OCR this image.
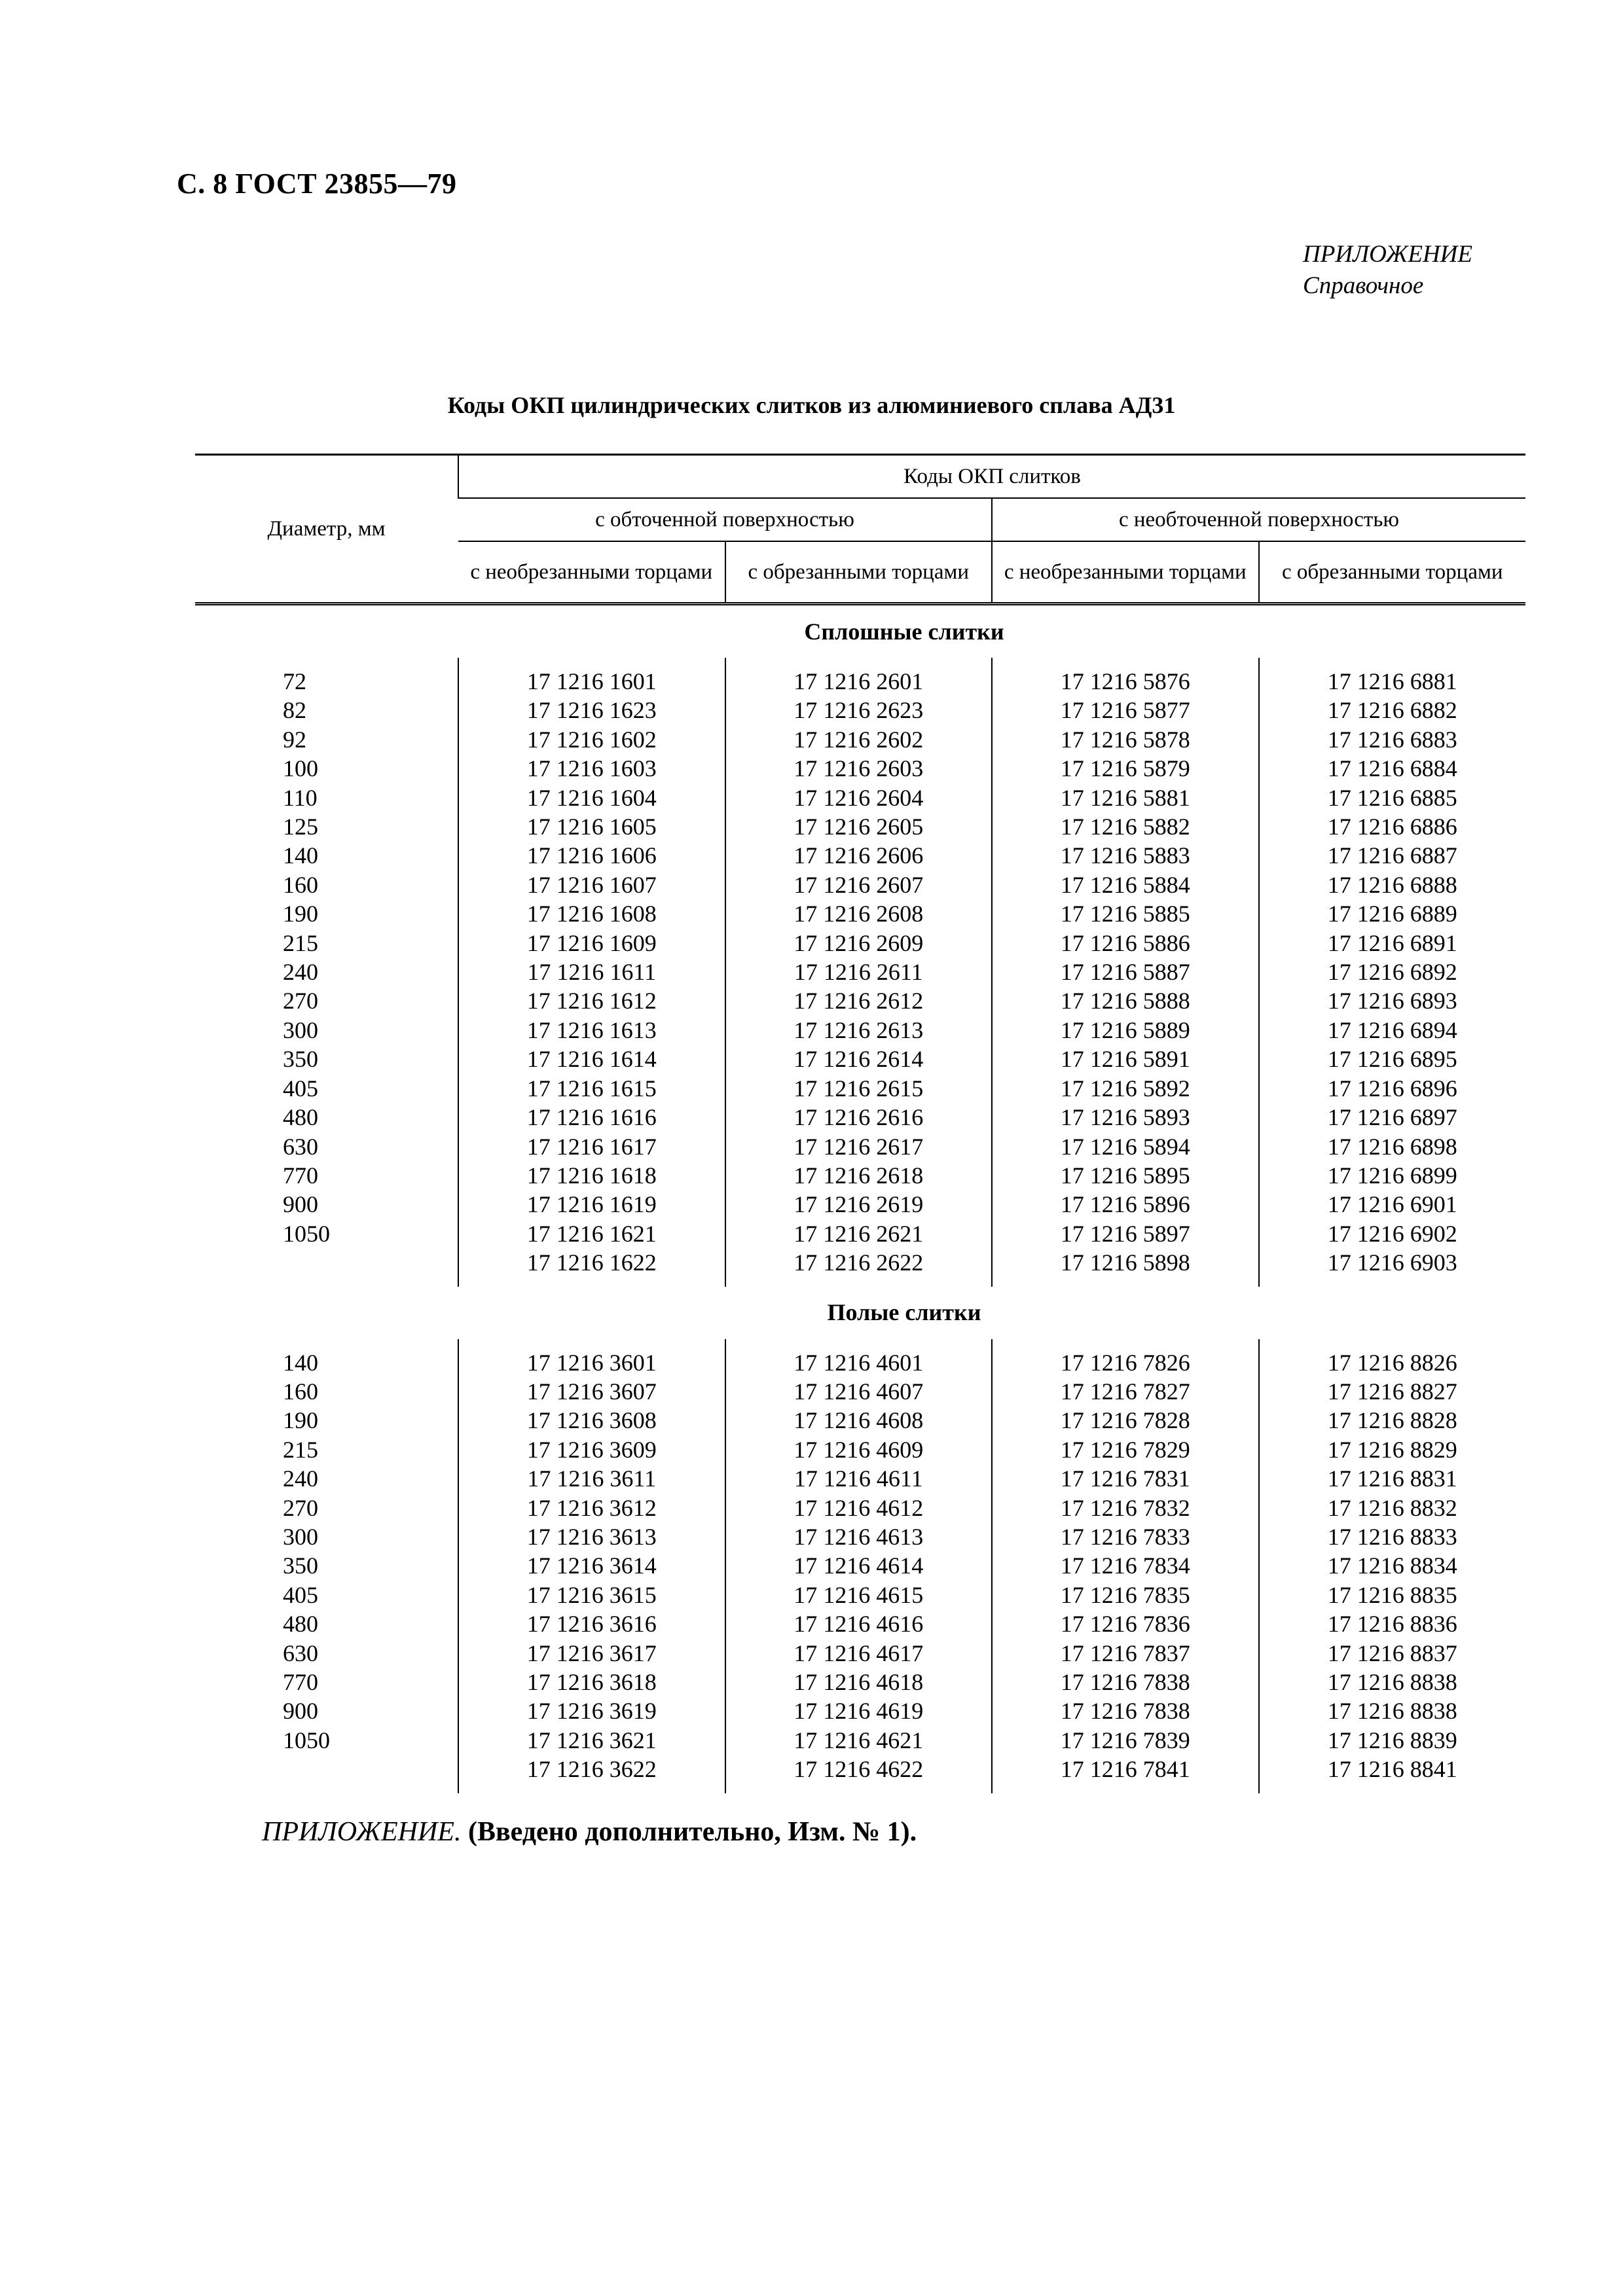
С. 8 ГОСТ 23855—79
ПРИЛОЖЕНИЕ
Справочное
Коды ОКП цилиндрических слитков из алюминиевого сплава АД31
Диаметр, мм	Коды ОКП слитков			
	с обточенной поверхностью		с необточенной поверхностью	
	с необрезанными торцами	с обрезанными торцами	с необрезанными торцами	с обрезанными торцами
Сплошные слитки				

72	17 1216 1601	17 1216 2601	17 1216 5876	17 1216 6881
82	17 1216 1623	17 1216 2623	17 1216 5877	17 1216 6882
92	17 1216 1602	17 1216 2602	17 1216 5878	17 1216 6883
100	17 1216 1603	17 1216 2603	17 1216 5879	17 1216 6884
110	17 1216 1604	17 1216 2604	17 1216 5881	17 1216 6885
125	17 1216 1605	17 1216 2605	17 1216 5882	17 1216 6886
140	17 1216 1606	17 1216 2606	17 1216 5883	17 1216 6887
160	17 1216 1607	17 1216 2607	17 1216 5884	17 1216 6888
190	17 1216 1608	17 1216 2608	17 1216 5885	17 1216 6889
215	17 1216 1609	17 1216 2609	17 1216 5886	17 1216 6891
240	17 1216 1611	17 1216 2611	17 1216 5887	17 1216 6892
270	17 1216 1612	17 1216 2612	17 1216 5888	17 1216 6893
300	17 1216 1613	17 1216 2613	17 1216 5889	17 1216 6894
350	17 1216 1614	17 1216 2614	17 1216 5891	17 1216 6895
405	17 1216 1615	17 1216 2615	17 1216 5892	17 1216 6896
480	17 1216 1616	17 1216 2616	17 1216 5893	17 1216 6897
630	17 1216 1617	17 1216 2617	17 1216 5894	17 1216 6898
770	17 1216 1618	17 1216 2618	17 1216 5895	17 1216 6899
900	17 1216 1619	17 1216 2619	17 1216 5896	17 1216 6901
1050	17 1216 1621	17 1216 2621	17 1216 5897	17 1216 6902
	17 1216 1622	17 1216 2622	17 1216 5898	17 1216 6903

Полые слитки				

140	17 1216 3601	17 1216 4601	17 1216 7826	17 1216 8826
160	17 1216 3607	17 1216 4607	17 1216 7827	17 1216 8827
190	17 1216 3608	17 1216 4608	17 1216 7828	17 1216 8828
215	17 1216 3609	17 1216 4609	17 1216 7829	17 1216 8829
240	17 1216 3611	17 1216 4611	17 1216 7831	17 1216 8831
270	17 1216 3612	17 1216 4612	17 1216 7832	17 1216 8832
300	17 1216 3613	17 1216 4613	17 1216 7833	17 1216 8833
350	17 1216 3614	17 1216 4614	17 1216 7834	17 1216 8834
405	17 1216 3615	17 1216 4615	17 1216 7835	17 1216 8835
480	17 1216 3616	17 1216 4616	17 1216 7836	17 1216 8836
630	17 1216 3617	17 1216 4617	17 1216 7837	17 1216 8837
770	17 1216 3618	17 1216 4618	17 1216 7838	17 1216 8838
900	17 1216 3619	17 1216 4619	17 1216 7838	17 1216 8838
1050	17 1216 3621	17 1216 4621	17 1216 7839	17 1216 8839
	17 1216 3622	17 1216 4622	17 1216 7841	17 1216 8841

ПРИЛОЖЕНИЕ. (Введено дополнительно, Изм. № 1).
